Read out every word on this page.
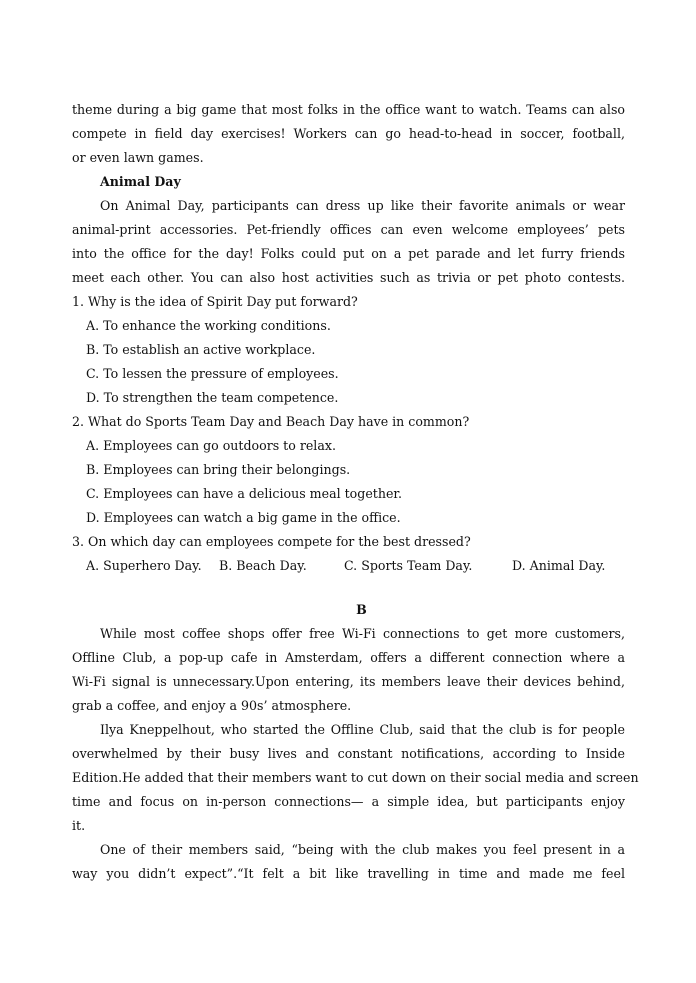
theme during a big game that most folks in the office want to watch. Teams can also
compete in field day exercises! Workers can go head-to-head in soccer, football,
or even lawn games.
Animal Day
On Animal Day, participants can dress up like their favorite animals or wear
animal-print accessories. Pet-friendly offices can even welcome employees’ pets
into the office for the day! Folks could put on a pet parade and let furry friends
meet each other. You can also host activities such as trivia or pet photo contests.
1. Why is the idea of Spirit Day put forward?
A. To enhance the working conditions.
B. To establish an active workplace.
C. To lessen the pressure of employees.
D. To strengthen the team competence.
2. What do Sports Team Day and Beach Day have in common?
A. Employees can go outdoors to relax.
B. Employees can bring their belongings.
C. Employees can have a delicious meal together.
D. Employees can watch a big game in the office.
3. On which day can employees compete for the best dressed?
A. Superhero Day. B. Beach Day.	C. Sports Team Day.	D. Animal Day.
B
While most coffee shops offer free Wi-Fi connections to get more customers,
Offline Club, a pop-up cafe in Amsterdam, offers a different connection where a
Wi-Fi signal is unnecessary.Upon entering, its members leave their devices behind,
grab a coffee, and enjoy a 90s’ atmosphere.
Ilya Kneppelhout, who started the Offline Club, said that the club is for people
overwhelmed by their busy lives and constant notifications, according to Inside
Edition.He added that their members want to cut down on their social media and screen
time and focus on in-person connections— a simple idea, but participants enjoy
it.
One of their members said, “being with the club makes you feel present in a
way you didn’t expect”.“It felt a bit like travelling in time and made me feel
